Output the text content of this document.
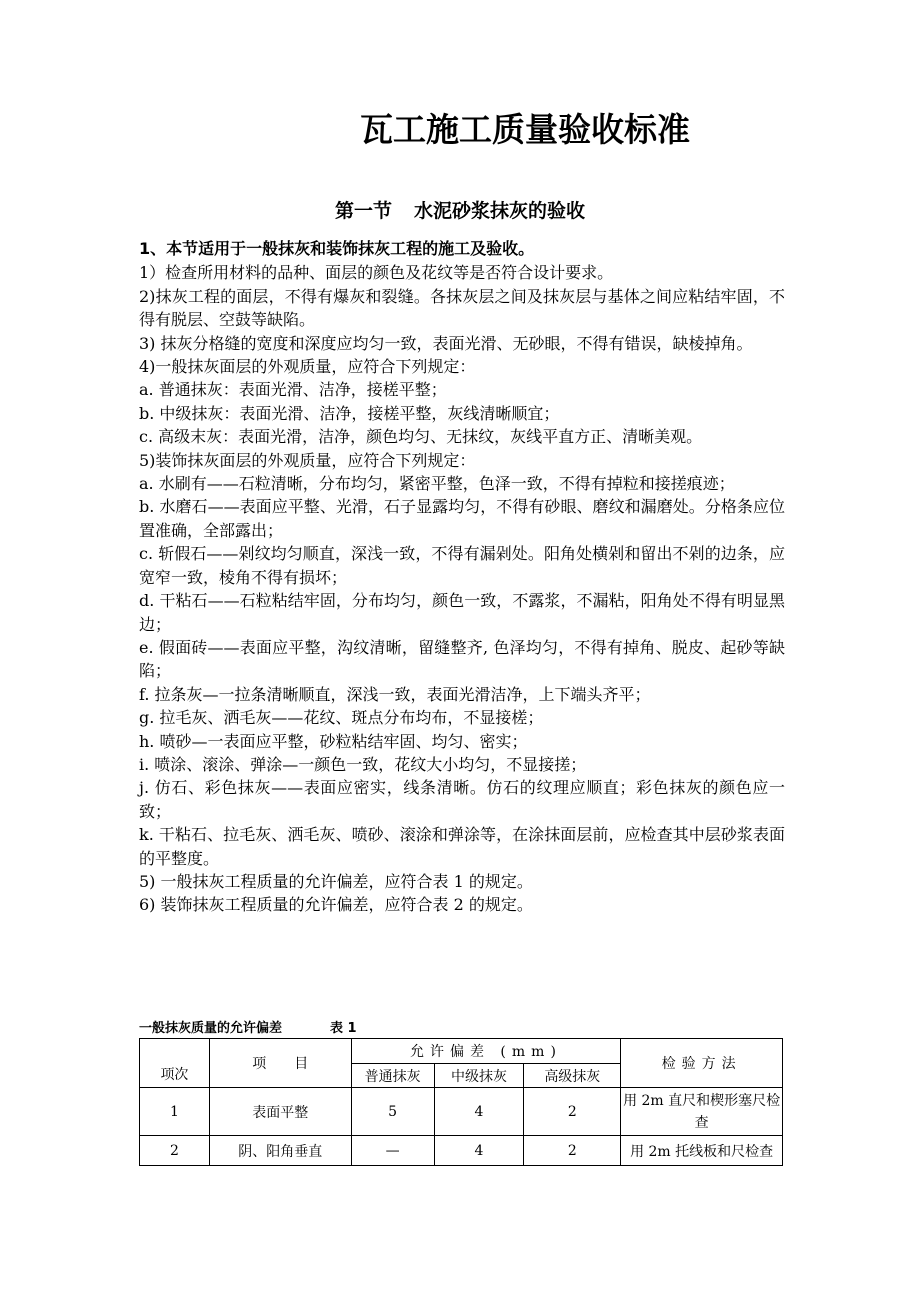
瓦工施工质量验收标准
第一节 水泥砂浆抹灰的验收

1、本节适用于一般抹灰和装饰抹灰工程的施工及验收。

1）检查所用材料的品种、面层的颜色及花纹等是否符合设计要求。

2)抹灰工程的面层，不得有爆灰和裂缝。各抹灰层之间及抹灰层与基体之间应粘结牢固，不得有脱层、空鼓等缺陷。

3) 抹灰分格缝的宽度和深度应均匀一致，表面光滑、无砂眼，不得有错误，缺棱掉角。

4)一般抹灰面层的外观质量，应符合下列规定：

a. 普通抹灰：表面光滑、洁净，接槎平整；

b. 中级抹灰：表面光滑、洁净，接槎平整，灰线清晰顺宜；

c. 高级末灰：表面光滑，洁净，颜色均匀、无抹纹，灰线平直方正、清晰美观。

5)装饰抹灰面层的外观质量，应符合下列规定：

a. 水刷有——石粒清晰，分布均匀，紧密平整，色泽一致，不得有掉粒和接搓痕迹；

b. 水磨石——表面应平整、光滑，石子显露均匀，不得有砂眼、磨纹和漏磨处。分格条应位置准确，全部露出；

c. 斩假石——剁纹均匀顺直，深浅一致，不得有漏剁处。阳角处横剁和留出不剁的边条，应宽窄一致，棱角不得有损坏；

d. 干粘石——石粒粘结牢固，分布均匀，颜色一致，不露浆，不漏粘，阳角处不得有明显黑边；

e. 假面砖——表面应平整，沟纹清晰，留缝整齐, 色泽均匀，不得有掉角、脱皮、起砂等缺陷；

f. 拉条灰—一拉条清晰顺直，深浅一致，表面光滑洁净，上下端头齐平；

g. 拉毛灰、洒毛灰——花纹、斑点分布均布，不显接槎；

h. 喷砂—一表面应平整，砂粒粘结牢固、均匀、密实；

i. 喷涂、滚涂、弹涂—一颜色一致，花纹大小均匀，不显接搓；

j. 仿石、彩色抹灰——表面应密实，线条清晰。仿石的纹理应顺直；彩色抹灰的颜色应一致；

k. 干粘石、拉毛灰、洒毛灰、喷砂、滚涂和弹涂等，在涂抹面层前，应检查其中层砂浆表面的平整度。

5) 一般抹灰工程质量的允许偏差，应符合表 1 的规定。

6) 装饰抹灰工程质量的允许偏差，应符合表 2 的规定。

一般抹灰质量的允许偏差	表 1
项次	项　　目	允许偏差 (mm)			检验方法
		普通抹灰	中级抹灰	高级抹灰	
1	表面平整	5	4	2	用 2m 直尺和楔形塞尺检查
2	阴、阳角垂直	—	4	2	用 2m 托线板和尺检查
